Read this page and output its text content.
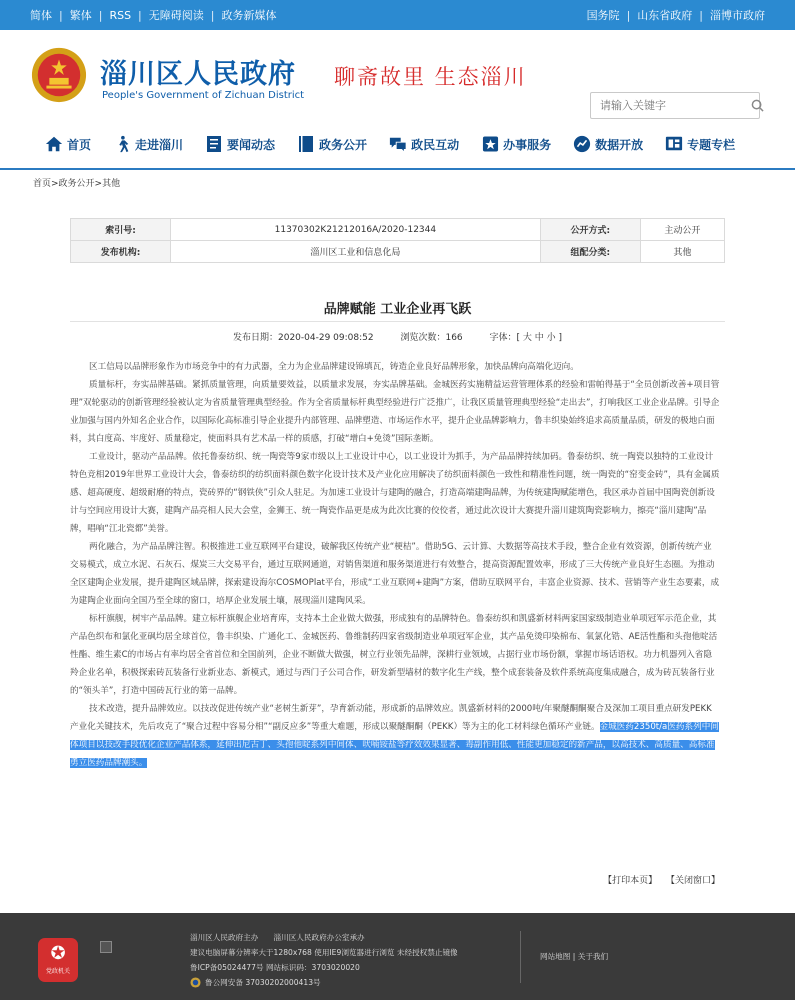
简体 | 繁体 | RSS | 无障碍阅读 | 政务新媒体	国务院 | 山东省政府 | 淄博市政府
淄川区人民政府
People's Government of Zichuan District
聊斋故里 生态淄川
请输入关键字
首页	走进淄川	要闻动态	政务公开	政民互动	办事服务	数据开放	专题专栏
首页>政务公开>其他
索引号:	11370302K21212016A/2020-12344	公开方式:	主动公开
发布机构:	淄川区工业和信息化局	组配分类:	其他
品牌赋能 工业企业再飞跃
发布日期：2020-04-29 09:08:52	浏览次数：166	字体：[ 大 中 小 ]

区工信局以品牌形象作为市场竞争中的有力武器，全力为企业品牌建设锦填瓦，铸造企业良好品牌形象，加快品牌向高端化迈向。

质量标杆，夯实品牌基础。紧抓质量管理，向质量要效益，以质量求发展，夯实品牌基础。金城医药实施精益运营管理体系的经验和雷帕得基于“全员创新改善+项目管理”双轮驱动的创新管理经验被认定为省质量管理典型经验。作为全省质量标杆典型经验进行广泛推广，让我区质量管理典型经验“走出去”，打响我区工业企业品牌。引导企业加强与国内外知名企业合作，以国际化高标准引导企业提升内部管理、品牌塑造、市场运作水平，提升企业品牌影响力，鲁丰织染始终追求高质量品质，研发的极地白面料，其白度高、牢度好、质量稳定，使面料具有艺术品一样的质感，打破“增白+免烫”国际垄断。

工业设计，驱动产品品牌。依托鲁泰纺织、统一陶瓷等9家市级以上工业设计中心，以工业设计为抓手，为产品品牌持续加码。鲁泰纺织、统一陶瓷以独特的工业设计特色竞相2019年世界工业设计大会，鲁泰纺织的纺织面料颜色数字化设计技术及产业化应用解决了纺织面料颜色一致性和精准性问题，统一陶瓷的“窑变金砖”，具有金属质感、超高硬度、超级耐磨的特点，瓷砖界的“钢铁侠”引众人驻足。为加速工业设计与建陶的融合，打造高端建陶品牌，为传统建陶赋能增色，我区承办首届中国陶瓷创新设计与空间应用设计大赛，建陶产品亮相人民大会堂，金狮王、统一陶瓷作品更是成为此次比赛的佼佼者，通过此次设计大赛提升淄川建筑陶瓷影响力，擦亮“淄川建陶”品牌，唱响“江北瓷都”美誉。

两化融合，为产品品牌注智。积极推进工业互联网平台建设，破解我区传统产业“梗桔”。借助5G、云计算、大数据等高技术手段，整合企业有效资源，创新传统产业交易模式，成立水泥、石灰石、煤炭三大交易平台，通过互联网通道，对销售渠道和服务渠道进行有效整合，提高资源配置效率，形成了三大传统产业良好生态圈。为推动全区建陶企业发展，提升建陶区域品牌，探索建设海尔COSMOPlat平台，形成“工业互联网+建陶”方案，借助互联网平台，丰富企业资源、技术、营销等产业生态要素，成为建陶企业面向全国乃至全球的窗口，培厚企业发展土壤，展现淄川建陶风采。

标杆旗舰，树牢产品品牌。建立标杆旗舰企业培育库，支持本土企业做大做强，形成独有的品牌特色。鲁泰纺织和凯盛新材料两家国家级制造业单项冠军示范企业，其产品色织布和氯化亚砜均居全球首位，鲁丰织染、广通化工、金城医药、鲁维制药四家省级制造业单项冠军企业，其产品免烫印染棉布、氧氯化锆、AE活性酯和头孢他啶活性酯、维生素C的市场占有率均居全省首位和全国前列，企业不断做大做强，树立行业领先品牌，深耕行业领域，占据行业市场份额，掌握市场话语权。功力机器列入省隐羚企业名单，积极探索砖瓦装备行业新业态、新模式，通过与西门子公司合作，研发新型墙材的数字化生产线，整个成套装备及软件系统高度集成融合，成为砖瓦装备行业的“领头羊”，打造中国砖瓦行业的第一品牌。

技术改造，提升品牌效应。以技改促进传统产业“老树生新芽”，孕育新动能，形成新的品牌效应。凯盛新材料的2000吨/年聚醚酮酮聚合及深加工项目重点研发PEKK产业化关键技术，先后攻克了“聚合过程中容易分相”“副反应多”等重大难题，形成以聚醚酮酮（PEKK）等为主的化工材料绿色循环产业链。金城医药2350t/a医药系列中间体项目以技改手段优化企业产品体系，延伸出尼古丁、头孢他啶系列中间体、吠喃铵盐等疗效效果显著、毒副作用低、性能更加稳定的新产品，以高技术、高质量、高标准勇立医药品牌潮头。

【打印本页】 【关闭窗口】
✪
党政机关
淄川区人民政府主办　　淄川区人民政府办公室承办
建议电脑屏幕分辨率大于1280x768 使用IE9浏览器进行浏览 未经授权禁止镜像
鲁ICP备05024477号 网站标识码：3703020020
鲁公网安备 37030202000413号
网站地图 | 关于我们
